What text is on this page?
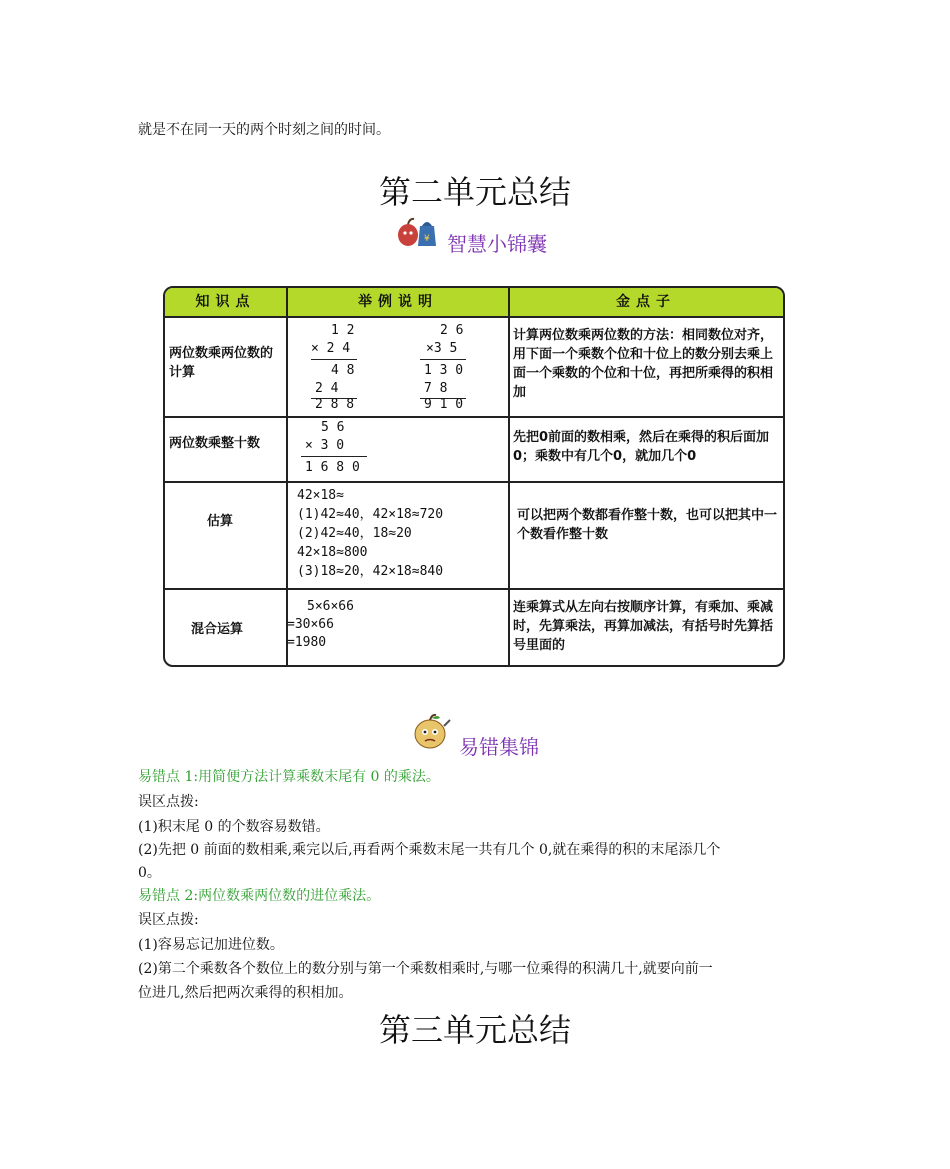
就是不在同一天的两个时刻之间的时间。
第二单元总结
¥ 智慧小锦囊
知识点	举例说明	金点子
两位数乘两位数的计算
1 2
× 2 4
4 8
2 4
2 8 8
2 6
×3 5
1 3 0
7 8
9 1 0
计算两位数乘两位数的方法：相同数位对齐，用下面一个乘数个位和十位上的数分别去乘上面一个乘数的个位和十位，再把所乘得的积相加
两位数乘整十数
5 6
× 3 0
1 6 8 0
先把0前面的数相乘，然后在乘得的积后面加0；乘数中有几个0，就加几个0
估算
42×18≈
(1)42≈40，42×18≈720
(2)42≈40，18≈20
42×18≈800
(3)18≈20，42×18≈840
可以把两个数都看作整十数，也可以把其中一个数看作整十数
混合运算
5×6×66
=30×66
=1980
连乘算式从左向右按顺序计算，有乘加、乘减时，先算乘法，再算加减法，有括号时先算括号里面的
易错集锦
易错点 1:用简便方法计算乘数末尾有 0 的乘法。
误区点拨:
(1)积末尾 0 的个数容易数错。
(2)先把 0 前面的数相乘,乘完以后,再看两个乘数末尾一共有几个 0,就在乘得的积的末尾添几个
0。
易错点 2:两位数乘两位数的进位乘法。
误区点拨:
(1)容易忘记加进位数。
(2)第二个乘数各个数位上的数分别与第一个乘数相乘时,与哪一位乘得的积满几十,就要向前一
位进几,然后把两次乘得的积相加。
第三单元总结
